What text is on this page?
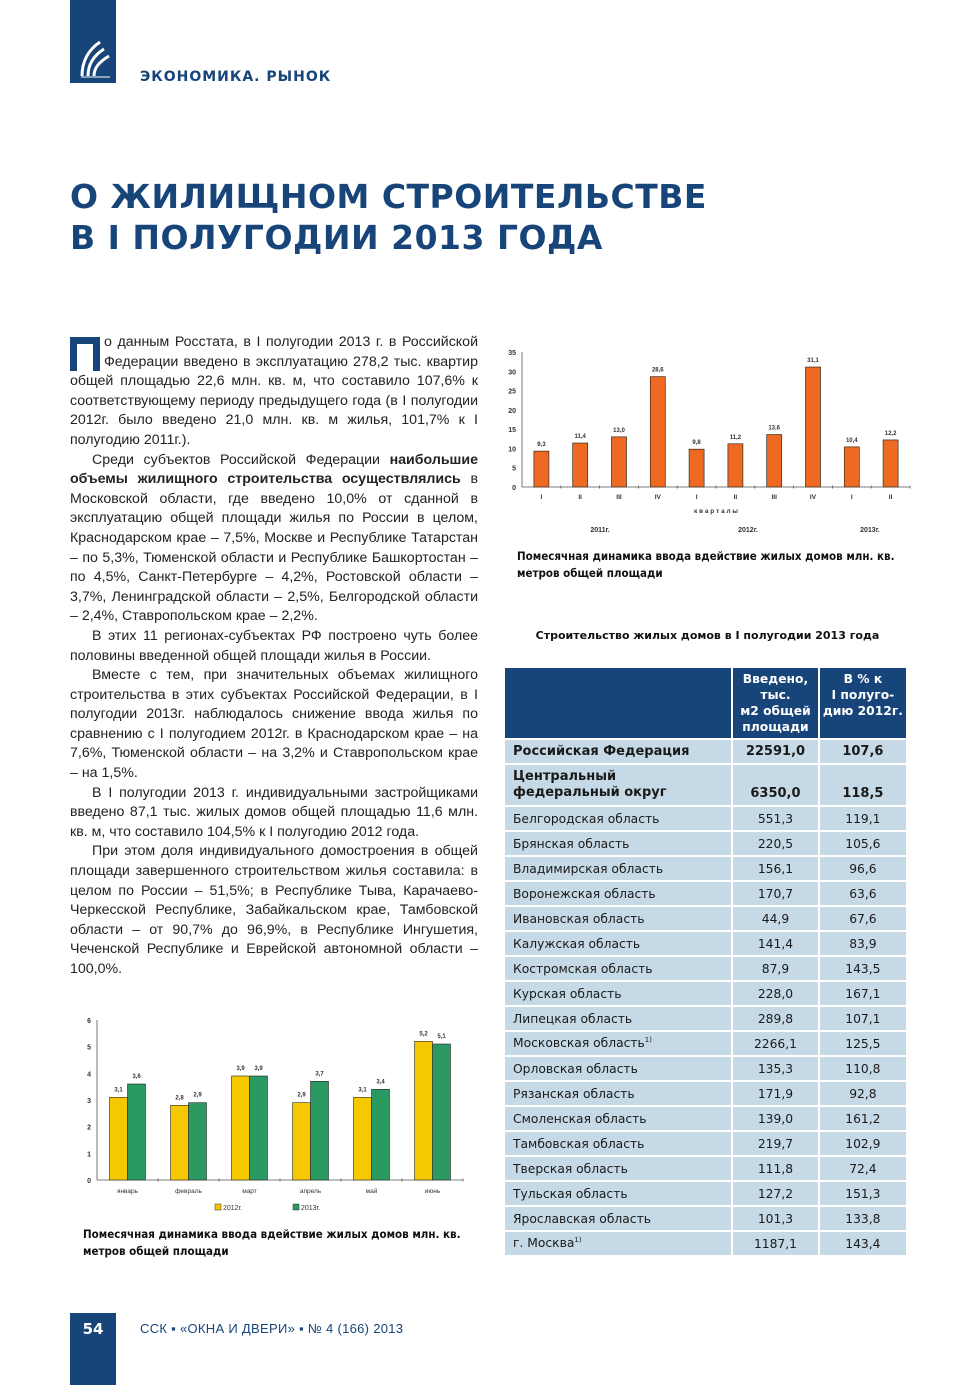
ЭКОНОМИКА. РЫНОК
О ЖИЛИЩНОМ СТРОИТЕЛЬСТВЕ
В I ПОЛУГОДИИ 2013 ГОДА

о данным Росстата, в I полугодии 2013 г. в Российской Федерации введено в эксплуатацию 278,2 тыс. квартир общей площадью 22,6 млн. кв. м, что составило 107,6% к соответствующему периоду предыдущего года (в I полугодии 2012г. было введено 21,0 млн. кв. м жилья, 101,7% к I полугодию 2011г.).

Среди субъектов Российской Федерации наибольшие объемы жилищного строительства осуществлялись в Московской области, где введено 10,0% от сданной в эксплуатацию общей площади жилья по России в целом, Краснодарском крае – 7,5%, Москве и Республике Татарстан – по 5,3%, Тюменской области и Республике Башкортостан – по 4,5%, Санкт-Петербурге – 4,2%, Ростовской области – 3,7%, Ленинградской области – 2,5%, Белгородской области – 2,4%, Ставропольском крае – 2,2%.

В этих 11 регионах-субъектах РФ построено чуть более половины введенной общей площади жилья в России.

Вместе с тем, при значительных объемах жилищного строительства в этих субъектах Российской Федерации, в I полугодии 2013г. наблюдалось снижение ввода жилья по сравнению с I полугодием 2012г. в Краснодарском крае – на 7,6%, Тюменской области – на 3,2% и Ставропольском крае – на 1,5%.

В I полугодии 2013 г. индивидуальными застройщиками введено 87,1 тыс. жилых домов общей площадью 11,6 млн. кв. м, что составило 104,5% к I полугодию 2012 года.

При этом доля индивидуального домостроения в общей площади завершенного строительством жилья составила: в целом по России – 51,5%; в Республике Тыва, Карачаево-Черкесской Республике, Забайкальском крае, Тамбовской области – от 90,7% до 96,9%, в Республике Ингушетия, Чеченской Республике и Еврейской автономной области – 100,0%.

0
5
10
15
20
25
30
35
9,3
I
11,4
II
13,0
III
28,6
IV
9,8
I
11,2
II
13,6
III
31,1
IV
10,4
I
12,2
II
к в а р т а л ы
2011г.	2012г.	2013г.
Помесячная динамика ввода вдействие жилых домов млн. кв. метров общей площади
Строительство жилых домов в I полугодии 2013 года

Введено,
тыс.
м2 общей
площади

В % к
I полуго-
дию 2012г.

Российская Федерация	22591,0	107,6
Центральный федеральный округ	6350,0	118,5
Белгородская область	551,3	119,1
Брянская область	220,5	105,6
Владимирская область	156,1	96,6
Воронежская область	170,7	63,6
Ивановская область	44,9	67,6
Калужская область	141,4	83,9
Костромская область	87,9	143,5
Курская область	228,0	167,1
Липецкая область	289,8	107,1
Московская область$^{1)}$	2266,1	125,5
Орловская область	135,3	110,8
Рязанская область	171,9	92,8
Смоленская область	139,0	161,2
Тамбовская область	219,7	102,9
Тверская область	111,8	72,4
Тульская область	127,2	151,3
Ярославская область	101,3	133,8
г. Москва$^{1)}$	1187,1	143,4
0
1
2
3
4
5
6
3,1
3,6
январь
2,8 2,9
февраль
3,9 3,9
март
2,9
3,7
апрель
3,1
3,4
май
5,2 5,1
июнь
2012г.	2013г.
Помесячная динамика ввода вдействие жилых домов млн. кв. метров общей площади
54	ССК ▪ «ОКНА И ДВЕРИ» ▪ № 4 (166) 2013
